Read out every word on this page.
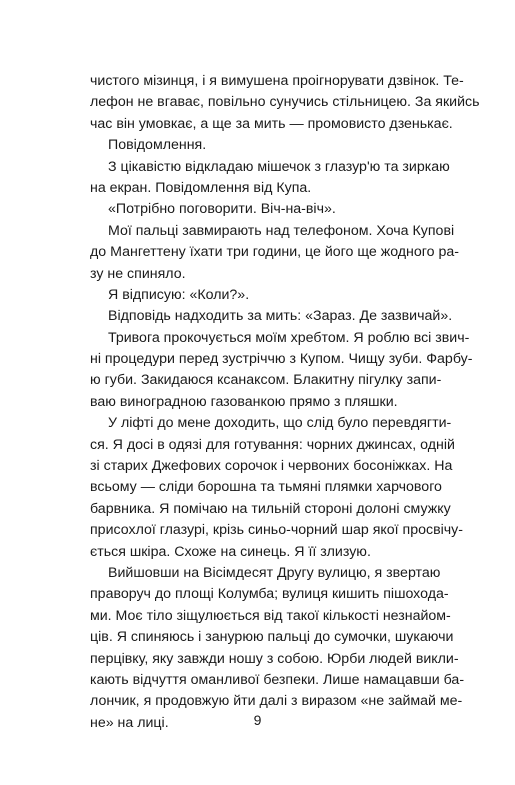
чистого мізинця, і я вимушена проігнорувати дзвінок. Те-
лефон не вгаває, повільно сунучись стільницею. За якийсь
час він умовкає, а ще за мить — промовисто дзенькає.
Повідомлення.
З цікавістю відкладаю мішечок з глазур'ю та зиркаю
на екран. Повідомлення від Купа.
«Потрібно поговорити. Віч-на-віч».
Мої пальці завмирають над телефоном. Хоча Купові
до Мангеттену їхати три години, це його ще жодного ра-
зу не спиняло.
Я відписую: «Коли?».
Відповідь надходить за мить: «Зараз. Де зазвичай».
Тривога прокочується моїм хребтом. Я роблю всі звич-
ні процедури перед зустріччю з Купом. Чищу зуби. Фарбу-
ю губи. Закидаюся ксанаксом. Блакитну пігулку запи-
ваю виноградною газованкою прямо з пляшки.
У ліфті до мене доходить, що слід було перевдягти-
ся. Я досі в одязі для готування: чорних джинсах, одній
зі старих Джефових сорочок і червоних босоніжках. На
всьому — сліди борошна та тьмяні плямки харчового
барвника. Я помічаю на тильній стороні долоні смужку
присохлої глазурі, крізь синьо-чорний шар якої просвічу-
ється шкіра. Схоже на синець. Я її злизую.
Вийшовши на Вісімдесят Другу вулицю, я звертаю
праворуч до площі Колумба; вулиця кишить пішохода-
ми. Моє тіло зіщулюється від такої кількості незнайом-
ців. Я спиняюсь і занурюю пальці до сумочки, шукаючи
перцівку, яку завжди ношу з собою. Юрби людей викли-
кають відчуття оманливої безпеки. Лише намацавши ба-
лончик, я продовжую йти далі з виразом «не займай ме-
не» на лиці.	9
